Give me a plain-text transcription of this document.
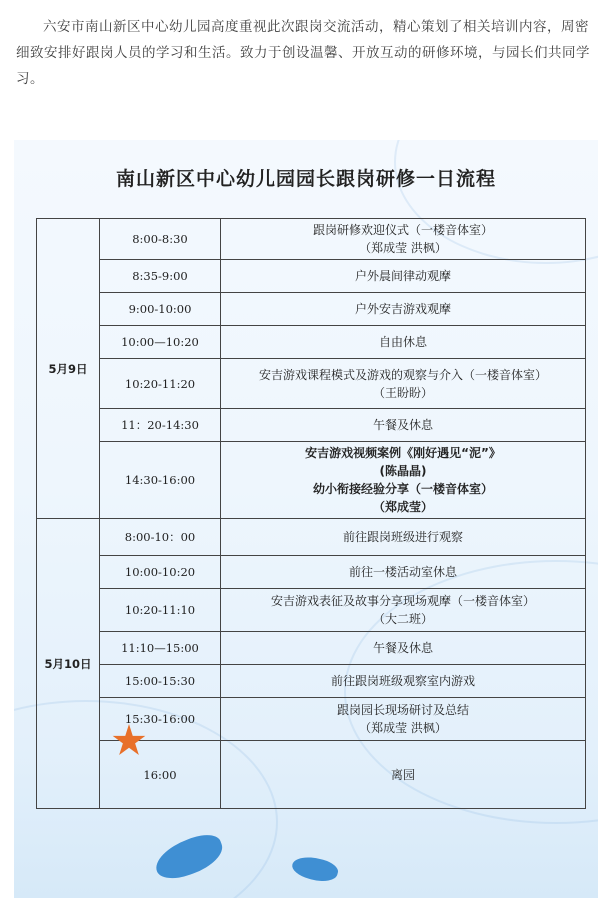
六安市南山新区中心幼儿园高度重视此次跟岗交流活动，精心策划了相关培训内容，周密细致安排好跟岗人员的学习和生活。致力于创设温馨、开放互动的研修环境，与园长们共同学习。
南山新区中心幼儿园园长跟岗研修一日流程
5月9日	8:00-8:30	跟岗研修欢迎仪式（一楼音体室）
（郑成莹 洪枫）

	8:35-9:00	户外晨间律动观摩

	9:00-10:00	户外安吉游戏观摩

	10:00—10:20	自由休息

	10:20-11:20	安吉游戏课程模式及游戏的观察与介入（一楼音体室）
（王盼盼）

	11：20-14:30	午餐及休息

	14:30-16:00	安吉游戏视频案例《刚好遇见“泥”》
(陈晶晶)
幼小衔接经验分享（一楼音体室）
（郑成莹）

5月10日	8:00-10：00	前往跟岗班级进行观察

	10:00-10:20	前往一楼活动室休息

	10:20-11:10	安吉游戏表征及故事分享现场观摩（一楼音体室）
（大二班）

	11:10—15:00	午餐及休息

	15:00-15:30	前往跟岗班级观察室内游戏

	15:30-16:00	跟岗园长现场研讨及总结
（郑成莹 洪枫）

	16:00	离园
